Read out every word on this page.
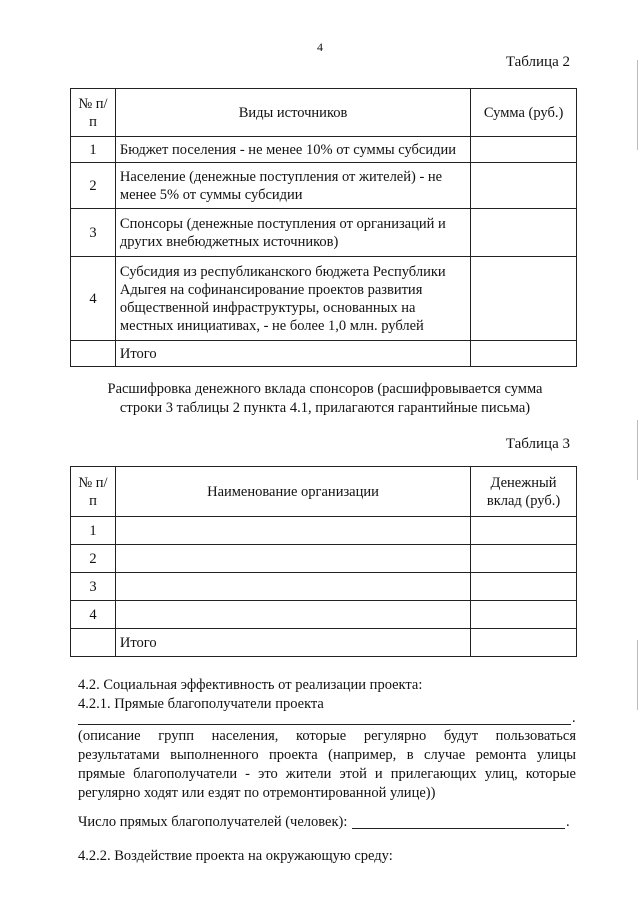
4
Таблица 2
№ п/п	Виды источников	Сумма (руб.)
1	Бюджет поселения - не менее 10% от суммы субсидии	
2	Население (денежные поступления от жителей) - не менее 5% от суммы субсидии	
3	Спонсоры (денежные поступления от организаций и других внебюджетных источников)	
4	Субсидия из республиканского бюджета Республики Адыгея на софинансирование проектов развития общественной инфраструктуры, основанных на местных инициативах, - не более 1,0 млн. рублей	
	Итого	
Расшифровка денежного вклада спонсоров (расшифровывается сумма строки 3 таблицы 2 пункта 4.1, прилагаются гарантийные письма)
Таблица 3
№ п/п	Наименование организации	Денежный вклад (руб.)
1		
2		
3		
4		
	Итого	
4.2. Социальная эффективность от реализации проекта:
4.2.1. Прямые благополучатели проекта
.
(описание групп населения, которые регулярно будут пользоваться результатами выполненного проекта (например, в случае ремонта улицы прямые благополучатели - это жители этой и прилегающих улиц, которые регулярно ходят или ездят по отремонтированной улице))
Число прямых благополучателей (человек):	.
4.2.2. Воздействие проекта на окружающую среду:
